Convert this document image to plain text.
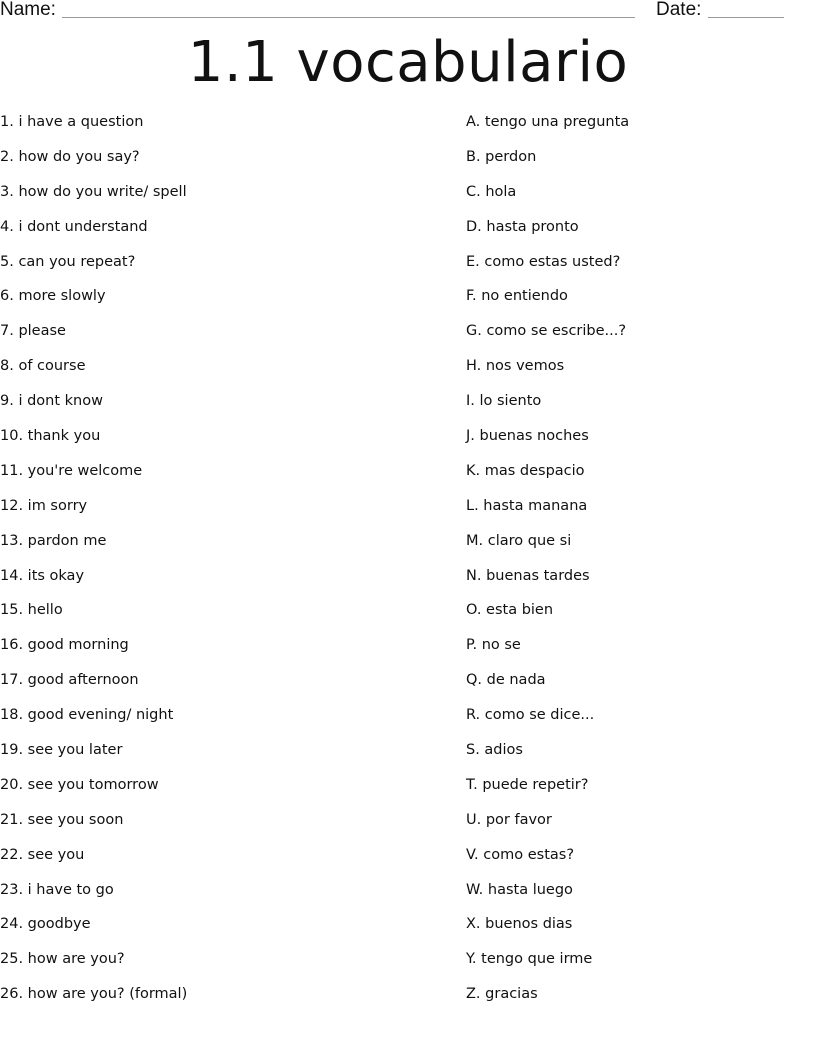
Name:	Date:
1.1 vocabulario
1. i have a question
2. how do you say?
3. how do you write/ spell
4. i dont understand
5. can you repeat?
6. more slowly
7. please
8. of course
9. i dont know
10. thank you
11. you're welcome
12. im sorry
13. pardon me
14. its okay
15. hello
16. good morning
17. good afternoon
18. good evening/ night
19. see you later
20. see you tomorrow
21. see you soon
22. see you
23. i have to go
24. goodbye
25. how are you?
26. how are you? (formal)
A. tengo una pregunta
B. perdon
C. hola
D. hasta pronto
E. como estas usted?
F. no entiendo
G. como se escribe...?
H. nos vemos
I. lo siento
J. buenas noches
K. mas despacio
L. hasta manana
M. claro que si
N. buenas tardes
O. esta bien
P. no se
Q. de nada
R. como se dice...
S. adios
T. puede repetir?
U. por favor
V. como estas?
W. hasta luego
X. buenos dias
Y. tengo que irme
Z. gracias
